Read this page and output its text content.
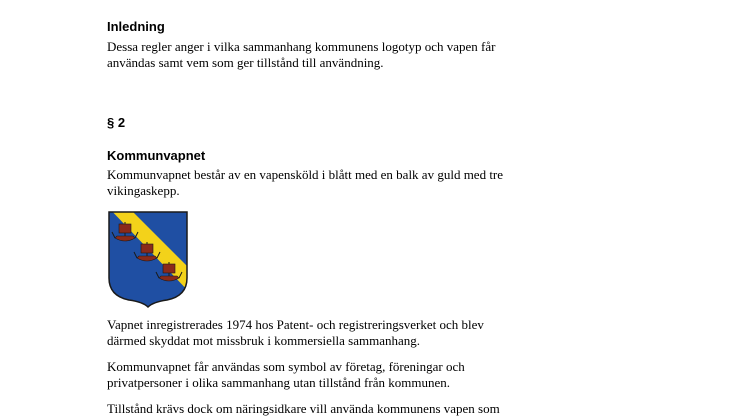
Inledning

Dessa regler anger i vilka sammanhang kommunens logotyp och vapen får
användas samt vem som ger tillstånd till användning.

§ 2
Kommunvapnet

Kommunvapnet består av en vapensköld i blått med en balk av guld med tre
vikingaskepp.

Vapnet inregistrerades 1974 hos Patent- och registreringsverket och blev
därmed skyddat mot missbruk i kommersiella sammanhang.

Kommunvapnet får användas som symbol av företag, föreningar och
privatpersoner i olika sammanhang utan tillstånd från kommunen.

Tillstånd krävs dock om näringsidkare vill använda kommunens vapen som
